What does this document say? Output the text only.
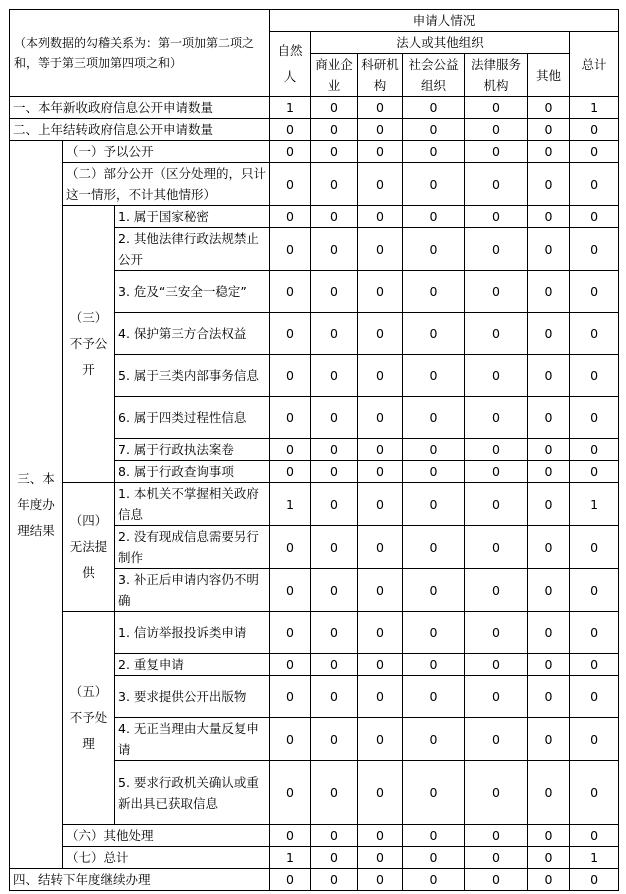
（本列数据的勾稽关系为：第一项加第二项之和，等于第三项加第四项之和）			申请人情况						
			自然人	法人或其他组织					总计
				商业企业	科研机构	社会公益组织	法律服务机构	其他	
一、本年新收政府信息公开申请数量			1	0	0	0	0	0	1
二、上年结转政府信息公开申请数量			0	0	0	0	0	0	0
三、本年度办理结果	（一）予以公开		0	0	0	0	0	0	0
	（二）部分公开（区分处理的，只计这一情形，不计其他情形）		0	0	0	0	0	0	0
	（三）不予公开	1. 属于国家秘密	0	0	0	0	0	0	0
		2. 其他法律行政法规禁止公开	0	0	0	0	0	0	0
		3. 危及“三安全一稳定”	0	0	0	0	0	0	0
		4. 保护第三方合法权益	0	0	0	0	0	0	0
		5. 属于三类内部事务信息	0	0	0	0	0	0	0
		6. 属于四类过程性信息	0	0	0	0	0	0	0
		7. 属于行政执法案卷	0	0	0	0	0	0	0
		8. 属于行政查询事项	0	0	0	0	0	0	0
	（四）无法提供	1. 本机关不掌握相关政府信息	1	0	0	0	0	0	1
		2. 没有现成信息需要另行制作	0	0	0	0	0	0	0
		3. 补正后申请内容仍不明确	0	0	0	0	0	0	0
	（五）不予处理	1. 信访举报投诉类申请	0	0	0	0	0	0	0
		2. 重复申请	0	0	0	0	0	0	0
		3. 要求提供公开出版物	0	0	0	0	0	0	0
		4. 无正当理由大量反复申请	0	0	0	0	0	0	0
		5. 要求行政机关确认或重新出具已获取信息	0	0	0	0	0	0	0
	（六）其他处理		0	0	0	0	0	0	0
	（七）总计		1	0	0	0	0	0	1
四、结转下年度继续办理			0	0	0	0	0	0	0
